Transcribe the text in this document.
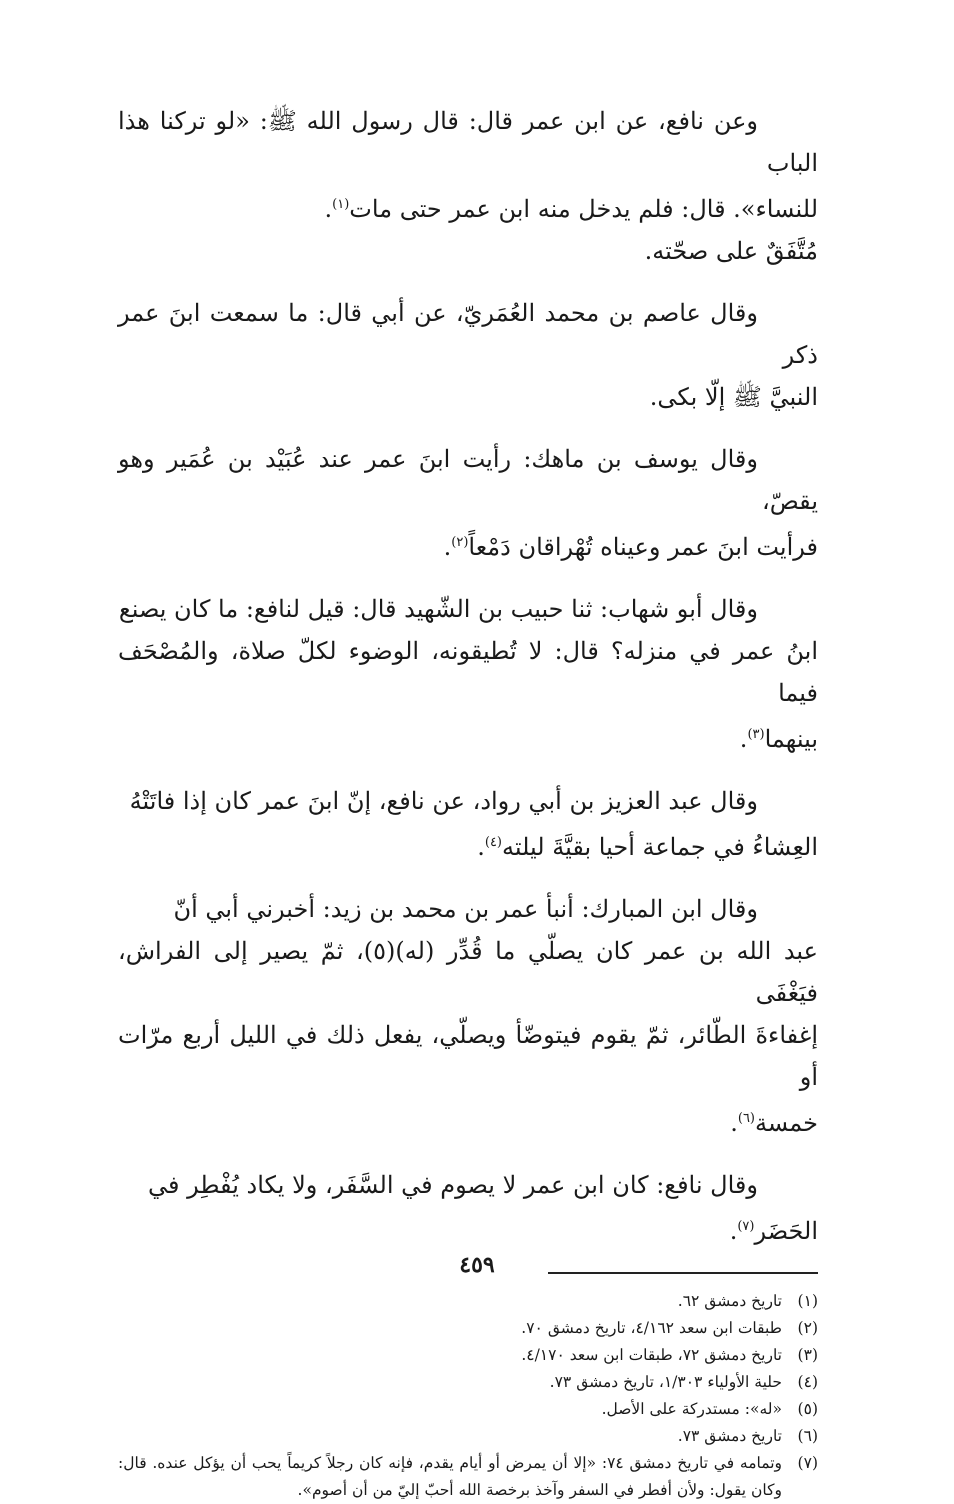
وعن نافع، عن ابن عمر قال: قال رسول الله ﷺ: «لو تركنا هذا الباب
للنساء». قال: فلم يدخل منه ابن عمر حتى مات$^{(١)}$.
مُتَّفَقٌ على صحّته.

وقال عاصم بن محمد العُمَريّ، عن أبي قال: ما سمعت ابنَ عمر ذكر
النبيَّ ﷺ إلّا بكى.

وقال يوسف بن ماهك: رأيت ابنَ عمر عند عُبَيْد بن عُمَير وهو يقصّ،
فرأيت ابنَ عمر وعيناه تُهْراقان دَمْعاً$^{(٢)}$.

وقال أبو شهاب: ثنا حبيب بن الشّهيد قال: قيل لنافع: ما كان يصنع
ابنُ عمر في منزله؟ قال: لا تُطيقونه، الوضوء لكلّ صلاة، والمُصْحَف فيما
بينهما$^{(٣)}$.

وقال عبد العزيز بن أبي رواد، عن نافع، إنّ ابنَ عمر كان إذا فاتَتْهُ
العِشاءُ في جماعة أحيا بقيَّةَ ليلته$^{(٤)}$.

وقال ابن المبارك: أنبأ عمر بن محمد بن زيد: أخبرني أبي أنّ
عبد الله بن عمر كان يصلّي ما قُدِّر (له)(٥)، ثمّ يصير إلى الفراش، فيَغْفَى
إغفاءةَ الطّائر، ثمّ يقوم فيتوضّأ ويصلّي، يفعل ذلك في الليل أربع مرّات أو
خمسة$^{(٦)}$.

وقال نافع: كان ابن عمر لا يصوم في السَّفَر، ولا يكاد يُفْطِر في
الحَضَر$^{(٧)}$.

(١)
تاريخ دمشق ٦٢.
(٢)
طبقات ابن سعد ٤/١٦٢، تاريخ دمشق ٧٠.
(٣)
تاريخ دمشق ٧٢، طبقات ابن سعد ٤/١٧٠.
(٤)
حلية الأولياء ١/٣٠٣، تاريخ دمشق ٧٣.
(٥)
«له»: مستدركة على الأصل.
(٦)
تاريخ دمشق ٧٣.
(٧)
وتمامه في تاريخ دمشق ٧٤: «إلا أن يمرض أو أيام يقدم، فإنه كان رجلاً كريماً يحب أن يؤكل عنده. قال: وكان يقول: ولأن أفطر في السفر وآخذ برخصة الله أحبّ إليّ من أن أصوم».
٤٥٩
